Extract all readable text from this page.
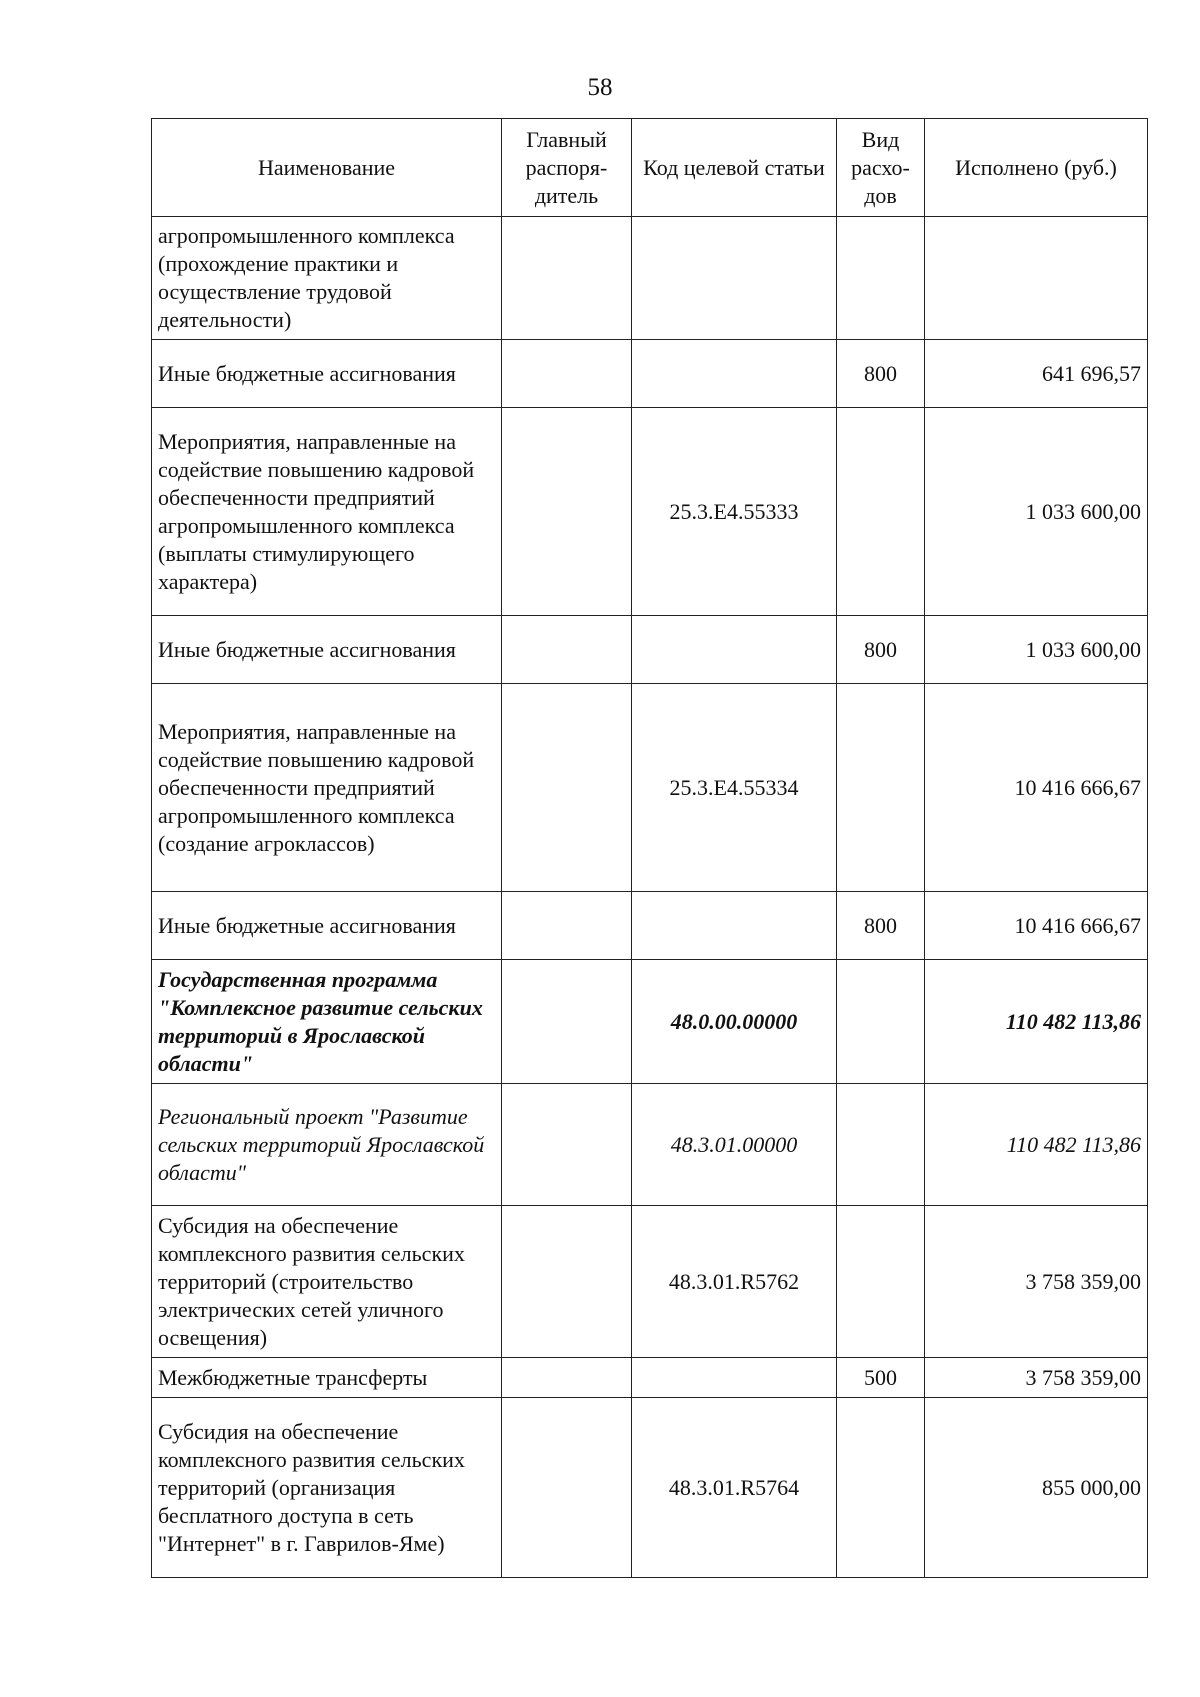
58
Наименование	Главный распоря-дитель	Код целевой статьи	Вид расхо-дов	Исполнено (руб.)
агропромышленного комплекса (прохождение практики и осуществление трудовой деятельности)				
Иные бюджетные ассигнования			800	641 696,57
Мероприятия, направленные на содействие повышению кадровой обеспеченности предприятий агропромышленного комплекса (выплаты стимулирующего характера)		25.3.Е4.55333		1 033 600,00
Иные бюджетные ассигнования			800	1 033 600,00
Мероприятия, направленные на содействие повышению кадровой обеспеченности предприятий агропромышленного комплекса (создание агроклассов)		25.3.Е4.55334		10 416 666,67
Иные бюджетные ассигнования			800	10 416 666,67
Государственная программа "Комплексное развитие сельских территорий в Ярославской области"		48.0.00.00000		110 482 113,86
Региональный проект "Развитие сельских территорий Ярославской области"		48.3.01.00000		110 482 113,86
Субсидия на обеспечение комплексного развития сельских территорий (строительство электрических сетей уличного освещения)		48.3.01.R5762		3 758 359,00
Межбюджетные трансферты			500	3 758 359,00
Субсидия на обеспечение комплексного развития сельских территорий (организация бесплатного доступа в сеть "Интернет" в г. Гаврилов-Яме)		48.3.01.R5764		855 000,00
